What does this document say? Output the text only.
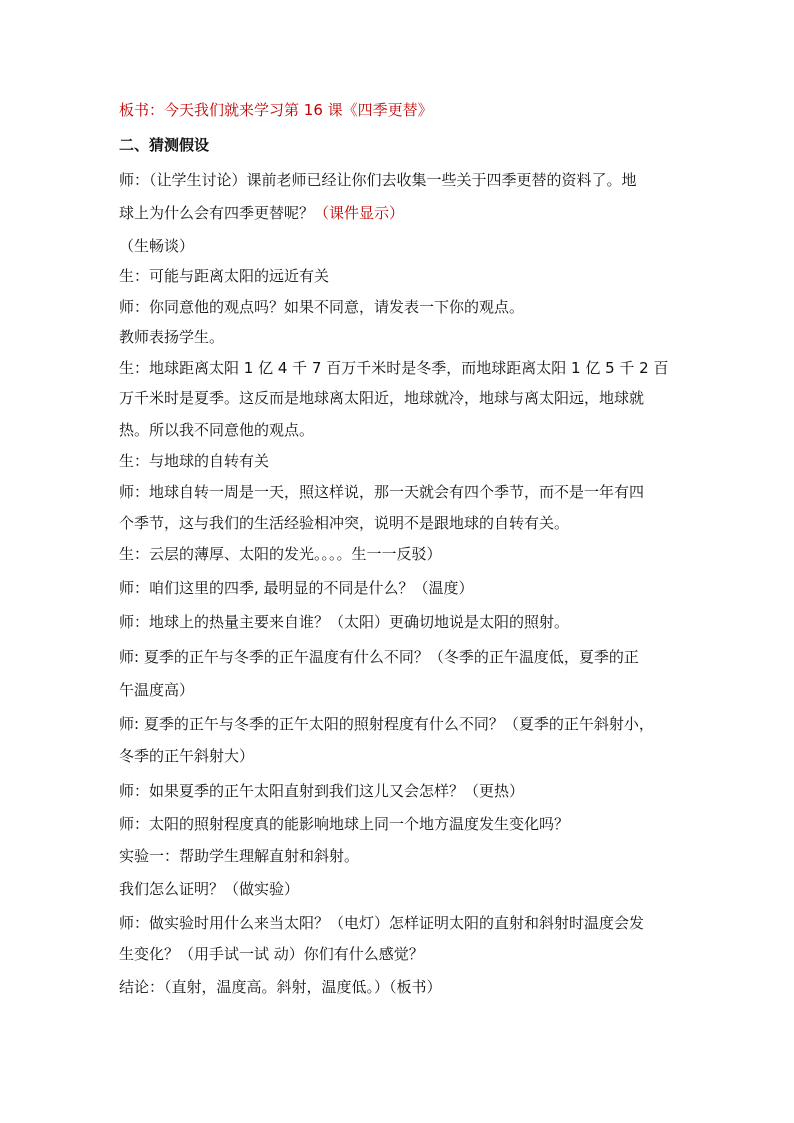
板书：今天我们就来学习第 16 课《四季更替》
二、猜测假设
师：（让学生讨论）课前老师已经让你们去收集一些关于四季更替的资料了。地
球上为什么会有四季更替呢？（课件显示）
（生畅谈）
生：可能与距离太阳的远近有关
师：你同意他的观点吗？如果不同意，请发表一下你的观点。
教师表扬学生。
生：地球距离太阳 1 亿 4 千 7 百万千米时是冬季，而地球距离太阳 1 亿 5 千 2 百
万千米时是夏季。这反而是地球离太阳近，地球就冷，地球与离太阳远，地球就
热。所以我不同意他的观点。
生：与地球的自转有关
师：地球自转一周是一天，照这样说，那一天就会有四个季节，而不是一年有四
个季节，这与我们的生活经验相冲突，说明不是跟地球的自转有关。
生：云层的薄厚、太阳的发光。。。。生一一反驳）
师：咱们这里的四季, 最明显的不同是什么？（温度）
师：地球上的热量主要来自谁？（太阳）更确切地说是太阳的照射。
师: 夏季的正午与冬季的正午温度有什么不同？（冬季的正午温度低，夏季的正
午温度高）
师: 夏季的正午与冬季的正午太阳的照射程度有什么不同？（夏季的正午斜射小，
冬季的正午斜射大）
师：如果夏季的正午太阳直射到我们这儿又会怎样？（更热）
师：太阳的照射程度真的能影响地球上同一个地方温度发生变化吗？
实验一：帮助学生理解直射和斜射。
我们怎么证明？（做实验）
师：做实验时用什么来当太阳？（电灯）怎样证明太阳的直射和斜射时温度会发
生变化？（用手试一试 动）你们有什么感觉？
结论：（直射，温度高。斜射，温度低。）（板书）
